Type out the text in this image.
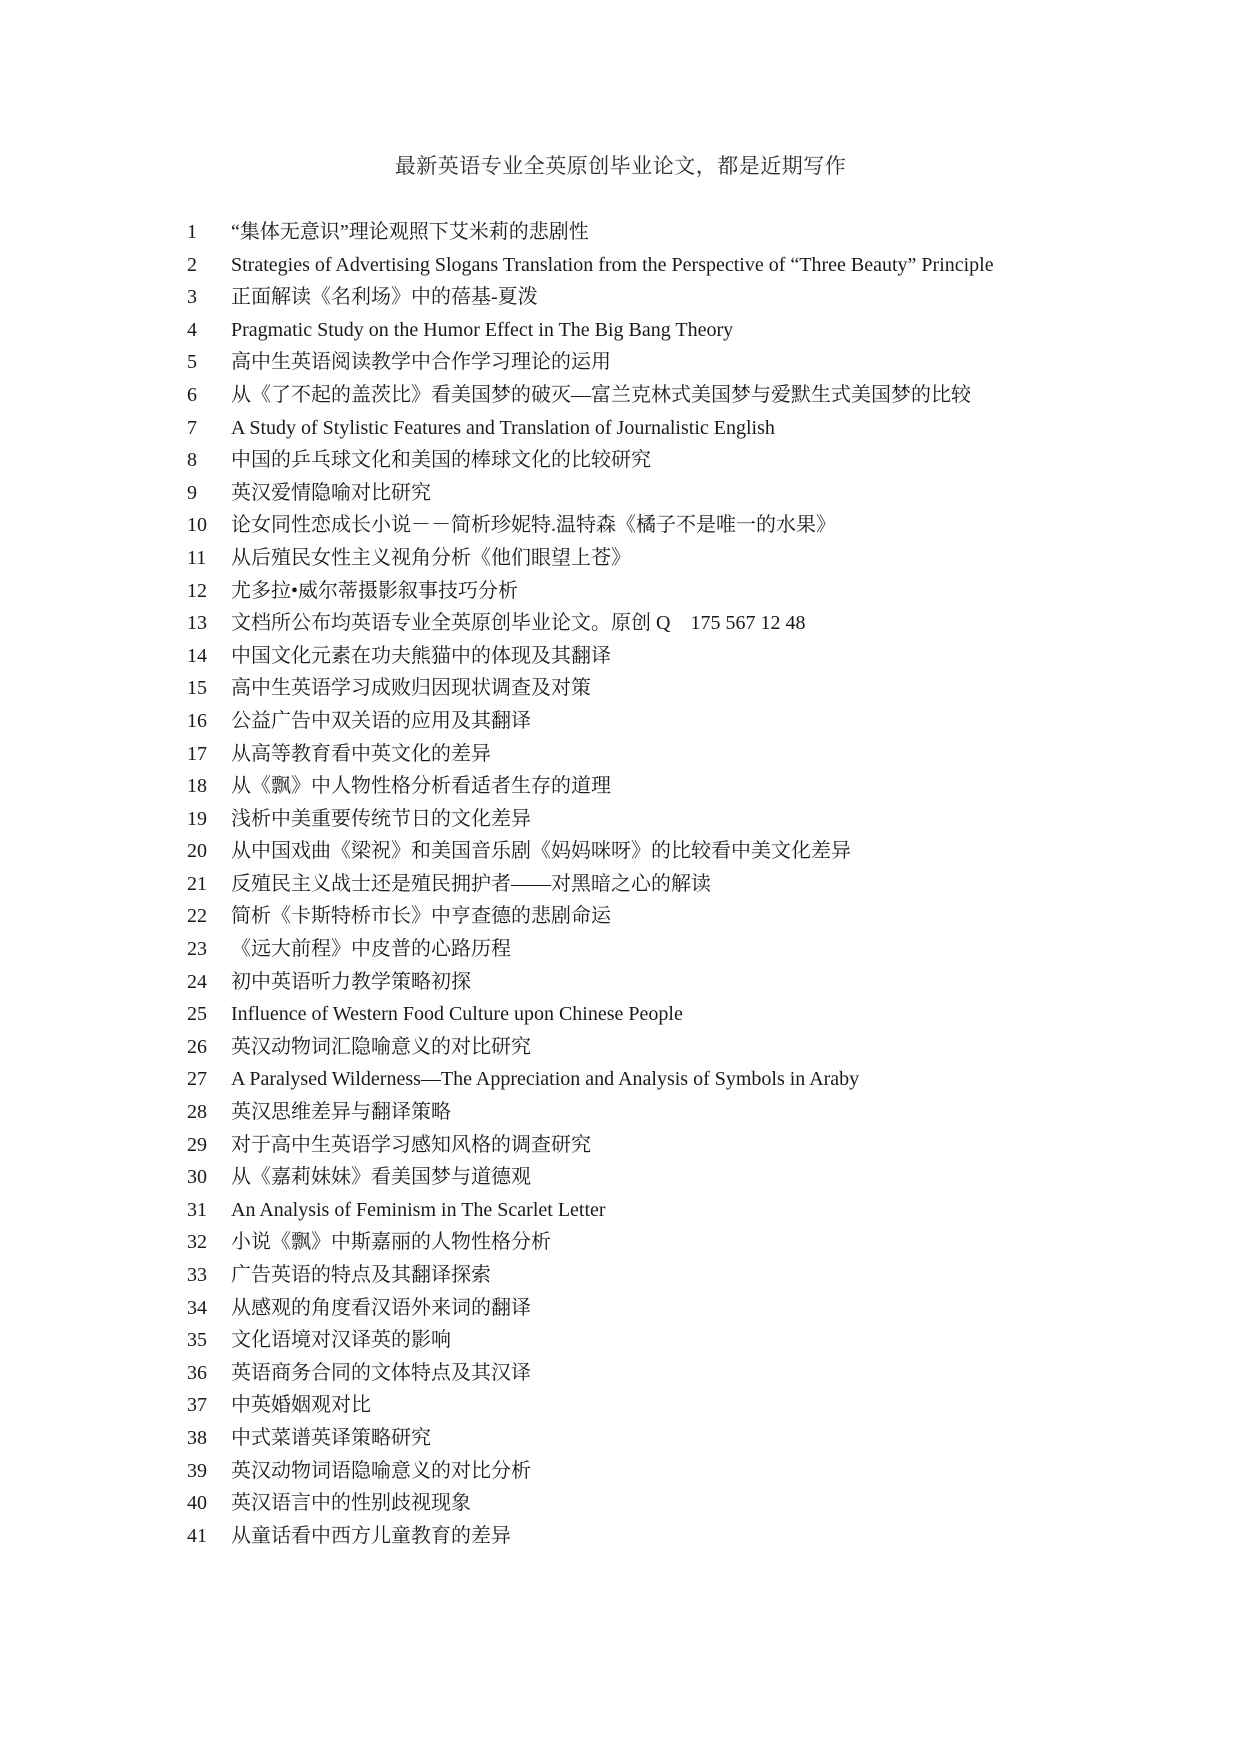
最新英语专业全英原创毕业论文，都是近期写作
1 “集体无意识”理论观照下艾米莉的悲剧性
2 Strategies of Advertising Slogans Translation from the Perspective of “Three Beauty” Principle
3 正面解读《名利场》中的蓓基-夏泼
4 Pragmatic Study on the Humor Effect in The Big Bang Theory
5 高中生英语阅读教学中合作学习理论的运用
6 从《了不起的盖茨比》看美国梦的破灭—富兰克林式美国梦与爱默生式美国梦的比较
7 A Study of Stylistic Features and Translation of Journalistic English
8 中国的乒乓球文化和美国的棒球文化的比较研究
9 英汉爱情隐喻对比研究
10 论女同性恋成长小说－－简析珍妮特.温特森《橘子不是唯一的水果》
11 从后殖民女性主义视角分析《他们眼望上苍》
12 尤多拉•威尔蒂摄影叙事技巧分析
13 文档所公布均英语专业全英原创毕业论文。原创 Q　175 567 12 48
14 中国文化元素在功夫熊猫中的体现及其翻译
15 高中生英语学习成败归因现状调查及对策
16 公益广告中双关语的应用及其翻译
17 从高等教育看中英文化的差异
18 从《飘》中人物性格分析看适者生存的道理
19 浅析中美重要传统节日的文化差异
20 从中国戏曲《梁祝》和美国音乐剧《妈妈咪呀》的比较看中美文化差异
21 反殖民主义战士还是殖民拥护者——对黑暗之心的解读
22 简析《卡斯特桥市长》中亨查德的悲剧命运
23 《远大前程》中皮普的心路历程
24 初中英语听力教学策略初探
25 Influence of Western Food Culture upon Chinese People
26 英汉动物词汇隐喻意义的对比研究
27 A Paralysed Wilderness—The Appreciation and Analysis of Symbols in Araby
28 英汉思维差异与翻译策略
29 对于高中生英语学习感知风格的调查研究
30 从《嘉莉妹妹》看美国梦与道德观
31 An Analysis of Feminism in The Scarlet Letter
32 小说《飘》中斯嘉丽的人物性格分析
33 广告英语的特点及其翻译探索
34 从感观的角度看汉语外来词的翻译
35 文化语境对汉译英的影响
36 英语商务合同的文体特点及其汉译
37 中英婚姻观对比
38 中式菜谱英译策略研究
39 英汉动物词语隐喻意义的对比分析
40 英汉语言中的性别歧视现象
41 从童话看中西方儿童教育的差异
